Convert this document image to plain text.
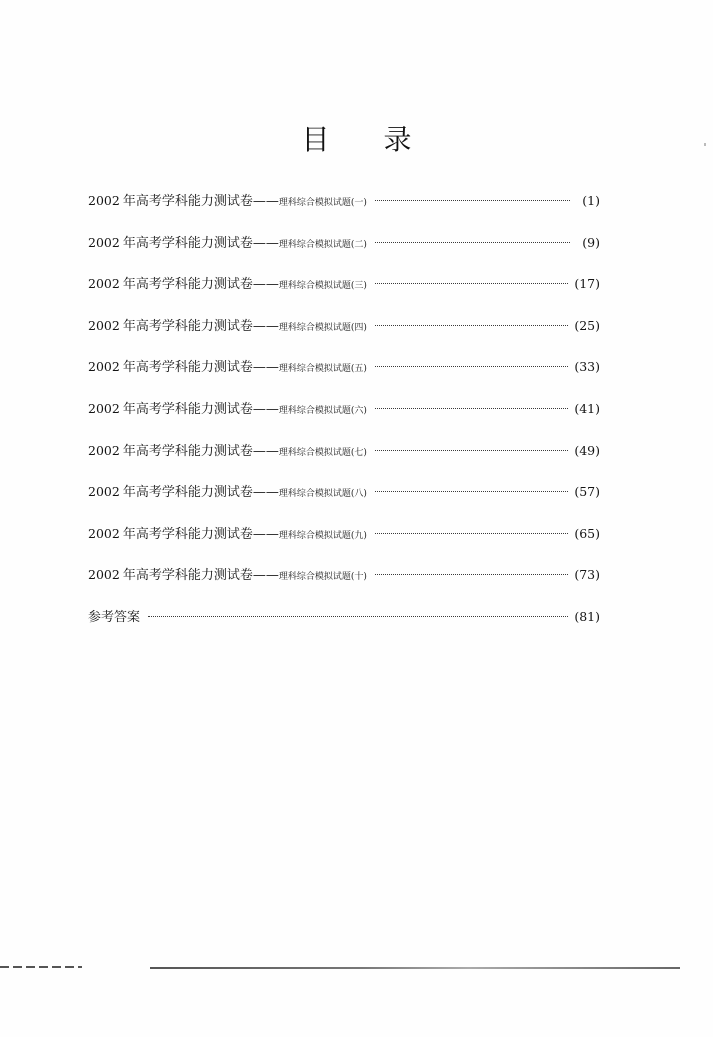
目 录
2002 年高考学科能力测试卷——理科综合模拟试题(一)	(1)
2002 年高考学科能力测试卷——理科综合模拟试题(二)	(9)
2002 年高考学科能力测试卷——理科综合模拟试题(三)	(17)
2002 年高考学科能力测试卷——理科综合模拟试题(四)	(25)
2002 年高考学科能力测试卷——理科综合模拟试题(五)	(33)
2002 年高考学科能力测试卷——理科综合模拟试题(六)	(41)
2002 年高考学科能力测试卷——理科综合模拟试题(七)	(49)
2002 年高考学科能力测试卷——理科综合模拟试题(八)	(57)
2002 年高考学科能力测试卷——理科综合模拟试题(九)	(65)
2002 年高考学科能力测试卷——理科综合模拟试题(十)	(73)
参考答案	(81)
